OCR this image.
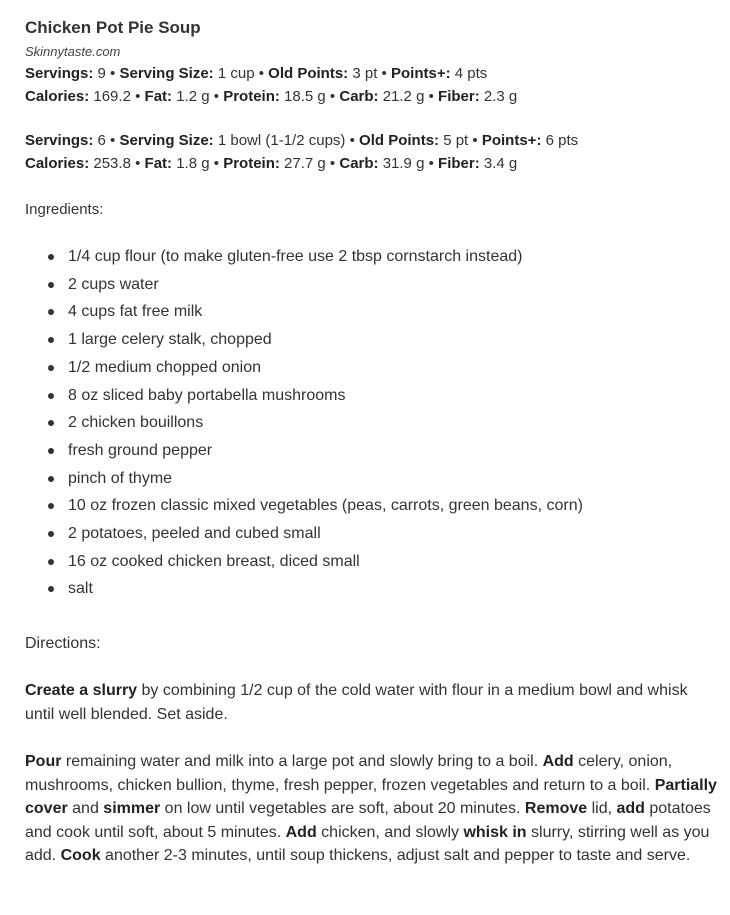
Chicken Pot Pie Soup
Skinnytaste.com
Servings: 9 • Serving Size: 1 cup • Old Points: 3 pt • Points+: 4 pts
Calories: 169.2 • Fat: 1.2 g • Protein: 18.5 g • Carb: 21.2 g • Fiber: 2.3 g
Servings: 6 • Serving Size: 1 bowl (1-1/2 cups) • Old Points: 5 pt • Points+: 6 pts
Calories: 253.8 • Fat: 1.8 g • Protein: 27.7 g • Carb: 31.9 g • Fiber: 3.4 g
Ingredients:
1/4 cup flour (to make gluten-free use 2 tbsp cornstarch instead)
2 cups water
4 cups fat free milk
1 large celery stalk, chopped
1/2 medium chopped onion
8 oz sliced baby portabella mushrooms
2 chicken bouillons
fresh ground pepper
pinch of thyme
10 oz frozen classic mixed vegetables (peas, carrots, green beans, corn)
2 potatoes, peeled and cubed small
16 oz cooked chicken breast, diced small
salt
Directions:

Create a slurry by combining 1/2 cup of the cold water with flour in a medium bowl and whisk until well blended. Set aside.

Pour remaining water and milk into a large pot and slowly bring to a boil. Add celery, onion, mushrooms, chicken bullion, thyme, fresh pepper, frozen vegetables and return to a boil. Partially cover and simmer on low until vegetables are soft, about 20 minutes. Remove lid, add potatoes and cook until soft, about 5 minutes. Add chicken, and slowly whisk in slurry, stirring well as you add. Cook another 2-3 minutes, until soup thickens, adjust salt and pepper to taste and serve.
